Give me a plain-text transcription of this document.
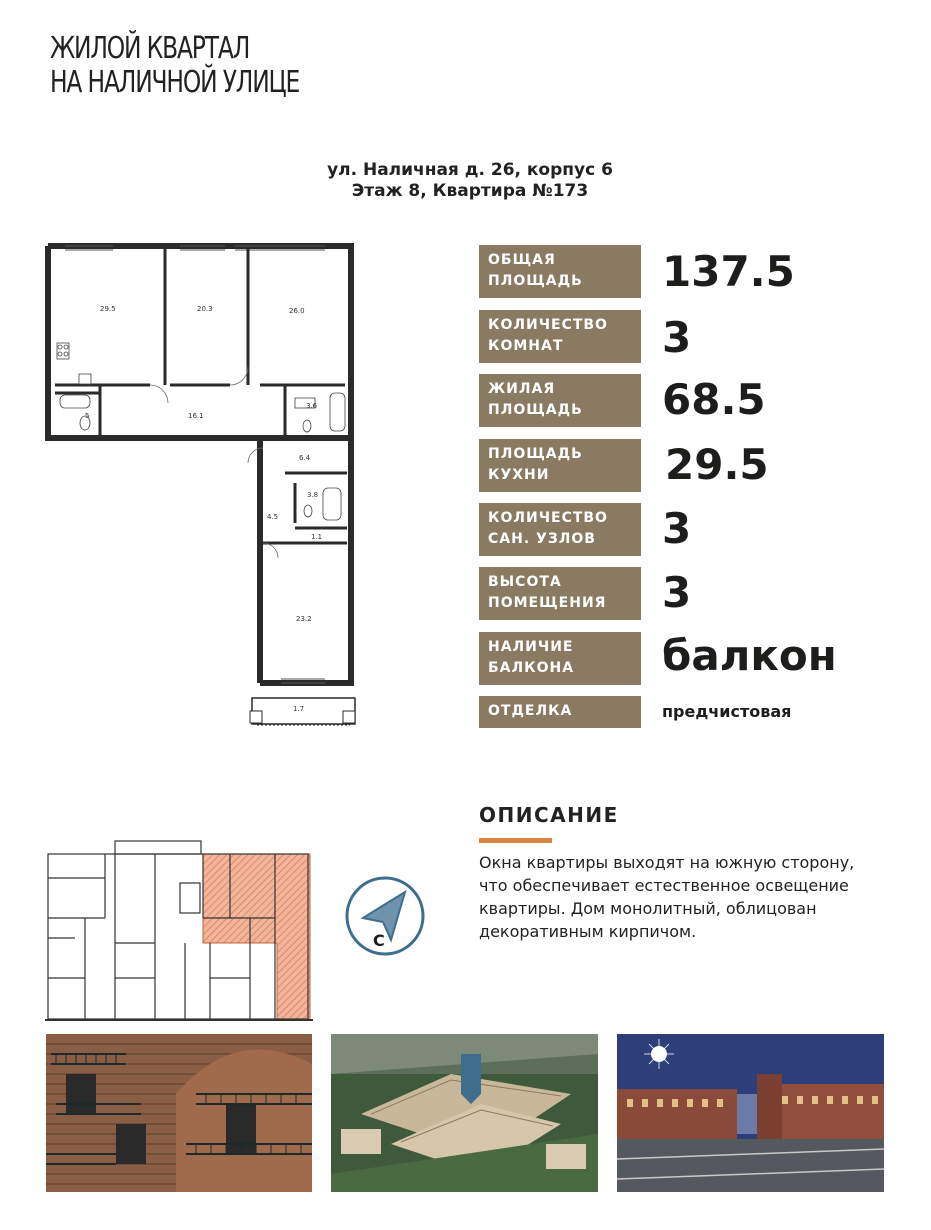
ЖИЛОЙ КВАРТАЛ
НА НАЛИЧНОЙ УЛИЦЕ
ул. Наличная д. 26, корпус 6
Этаж 8, Квартира №173
29.5	20.3	26.0
5	16.1
3.6
6.4
3.8
4.5
1.1
23.2
1.7
ОБЩАЯ
ПЛОЩАДЬ	137.5
КОЛИЧЕСТВО
КОМНАТ	3
ЖИЛАЯ
ПЛОЩАДЬ	68.5
ПЛОЩАДЬ
КУХНИ	29.5
КОЛИЧЕСТВО
САН. УЗЛОВ	3
ВЫСОТА
ПОМЕЩЕНИЯ	3
НАЛИЧИЕ
БАЛКОНА	балкон
ОТДЕЛКА	предчистовая
ОПИСАНИЕ
Окна квартиры выходят на южную сторону, что обеспечивает естественное освещение квартиры. Дом монолитный, облицован декоративным кирпичом.
С
